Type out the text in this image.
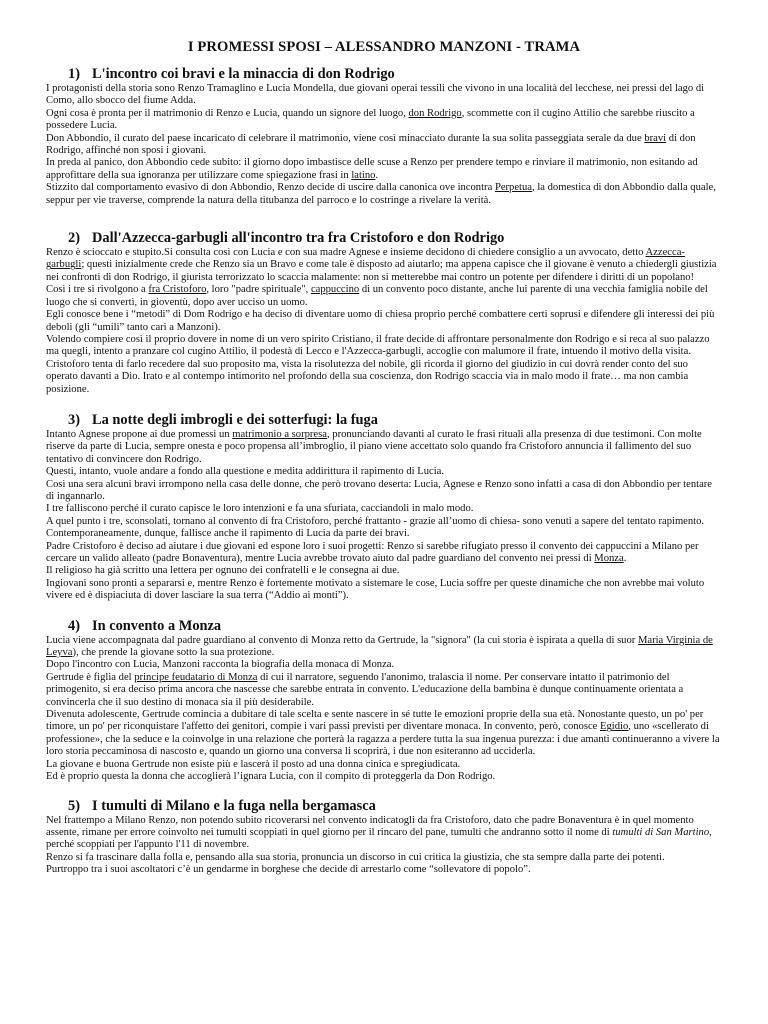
I PROMESSI SPOSI – ALESSANDRO MANZONI - TRAMA
1) L'incontro coi bravi e la minaccia di don Rodrigo

I protagonisti della storia sono Renzo Tramaglino e Lucia Mondella, due giovani operai tessili che vivono in una località del lecchese, nei pressi del lago di Como, allo sbocco del fiume Adda.

Ogni cosa è pronta per il matrimonio di Renzo e Lucia, quando un signore del luogo, don Rodrigo, scommette con il cugino Attilio che sarebbe riuscito a possedere Lucia.

Don Abbondio, il curato del paese incaricato di celebrare il matrimonio, viene così minacciato durante la sua solita passeggiata serale da due bravi di don Rodrigo, affinché non sposi i giovani.

In preda al panico, don Abbondio cede subito: il giorno dopo imbastisce delle scuse a Renzo per prendere tempo e rinviare il matrimonio, non esitando ad approfittare della sua ignoranza per utilizzare come spiegazione frasi in latino.

Stizzito dal comportamento evasivo di don Abbondio, Renzo decide di uscire dalla canonica ove incontra Perpetua, la domestica di don Abbondio dalla quale, seppur per vie traverse, comprende la natura della titubanza del parroco e lo costringe a rivelare la verità.

2) Dall'Azzecca-garbugli all'incontro tra fra Cristoforo e don Rodrigo

Renzo è scioccato e stupito.Si consulta così con Lucia e con sua madre Agnese e insieme decidono di chiedere consiglio a un avvocato, detto Azzecca-garbugli; questi inizialmente crede che Renzo sia un Bravo e come tale è disposto ad aiutarlo; ma appena capisce che il giovane è venuto a chiedergli giustizia nei confronti di don Rodrigo, il giurista terrorizzato lo scaccia malamente: non si metterebbe mai contro un potente per difendere i diritti di un popolano!

Così i tre si rivolgono a fra Cristoforo, loro "padre spirituale", cappuccino di un convento poco distante, anche lui parente di una vecchia famiglia nobile del luogo che si convertì, in gioventù, dopo aver ucciso un uomo.

Egli conosce bene i “metodi” di Dom Rodrigo e ha deciso di diventare uomo di chiesa proprio perché combattere certi soprusi e difendere gli interessi dei più deboli (gli “umili” tanto cari a Manzoni).

Volendo compiere così il proprio dovere in nome di un vero spirito Cristiano, il frate decide di affrontare personalmente don Rodrigo e si reca al suo palazzo ma quegli, intento a pranzare col cugino Attilio, il podestà di Lecco e l'Azzecca-garbugli, accoglie con malumore il frate, intuendo il motivo della visita.

Cristoforo tenta di farlo recedere dal suo proposito ma, vista la risolutezza del nobile, gli ricorda il giorno del giudizio in cui dovrà render conto del suo operato davanti a Dio. Irato e al contempo intimorito nel profondo della sua coscienza, don Rodrigo scaccia via in malo modo il frate… ma non cambia posizione.

3) La notte degli imbrogli e dei sotterfugi: la fuga

Intanto Agnese propone ai due promessi un matrimonio a sorpresa, pronunciando davanti al curato le frasi rituali alla presenza di due testimoni. Con molte riserve da parte di Lucia, sempre onesta e poco propensa all’imbroglio, il piano viene accettato solo quando fra Cristoforo annuncia il fallimento del suo tentativo di convincere don Rodrigo.

Questi, intanto, vuole andare a fondo alla questione e medita addirittura il rapimento di Lucia.

Così una sera alcuni bravi irrompono nella casa delle donne, che però trovano deserta: Lucia, Agnese e Renzo sono infatti a casa di don Abbondio per tentare di ingannarlo.

I tre falliscono perché il curato capisce le loro intenzioni e fa una sfuriata, cacciandoli in malo modo.

A quel punto i tre, sconsolati, tornano al convento di fra Cristoforo, perché frattanto - grazie all’uomo di chiesa- sono venuti a sapere del tentato rapimento.

Contemporaneamente, dunque, fallisce anche il rapimento di Lucia da parte dei bravi.

Padre Cristoforo è deciso ad aiutare i due giovani ed espone loro i suoi progetti: Renzo si sarebbe rifugiato presso il convento dei cappuccini a Milano per cercare un valido alleato (padre Bonaventura), mentre Lucia avrebbe trovato aiuto dal padre guardiano del convento nei pressi di Monza.

Il religioso ha già scritto una lettera per ognuno dei confratelli e le consegna ai due.

Ingiovani sono pronti a separarsi e, mentre Renzo è fortemente motivato a sistemare le cose, Lucia soffre per queste dinamiche che non avrebbe mai voluto vivere ed è dispiaciuta di dover lasciare la sua terra (“Addio ai monti”).

4) In convento a Monza

Lucia viene accompagnata dal padre guardiano al convento di Monza retto da Gertrude, la "signora" (la cui storia è ispirata a quella di suor Maria Virginia de Leyva), che prende la giovane sotto la sua protezione.

Dopo l'incontro con Lucia, Manzoni racconta la biografia della monaca di Monza.

Gertrude è figlia del principe feudatario di Monza di cui il narratore, seguendo l'anonimo, tralascia il nome. Per conservare intatto il patrimonio del primogenito, si era deciso prima ancora che nascesse che sarebbe entrata in convento. L'educazione della bambina è dunque continuamente orientata a convincerla che il suo destino di monaca sia il più desiderabile.

Divenuta adolescente, Gertrude comincia a dubitare di tale scelta e sente nascere in sé tutte le emozioni proprie della sua età. Nonostante questo, un po' per timore, un po' per riconquistare l'affetto dei genitori, compie i vari passi previsti per diventare monaca. In convento, però, conosce Egidio, uno «scellerato di professione», che la seduce e la coinvolge in una relazione che porterà la ragazza a perdere tutta la sua ingenua purezza: i due amanti continueranno a vivere la loro storia peccaminosa di nascosto e, quando un giorno una conversa li scoprirà, i due non esiteranno ad ucciderla.

La giovane e buona Gertrude non esiste più e lascerà il posto ad una donna cinica e spregiudicata.

Ed è proprio questa la donna che accoglierà l’ignara Lucia, con il compito di proteggerla da Don Rodrigo.

5) I tumulti di Milano e la fuga nella bergamasca

Nel frattempo a Milano Renzo, non potendo subito ricoverarsi nel convento indicatogli da fra Cristoforo, dato che padre Bonaventura è in quel momento assente, rimane per errore coinvolto nei tumulti scoppiati in quel giorno per il rincaro del pane, tumulti che andranno sotto il nome di tumulti di San Martino, perché scoppiati per l'appunto l'11 di novembre.

Renzo si fa trascinare dalla folla e, pensando alla sua storia, pronuncia un discorso in cui critica la giustizia, che sta sempre dalla parte dei potenti.

Purtroppo tra i suoi ascoltatori c’è un gendarme in borghese che decide di arrestarlo come “sollevatore di popolo”.
